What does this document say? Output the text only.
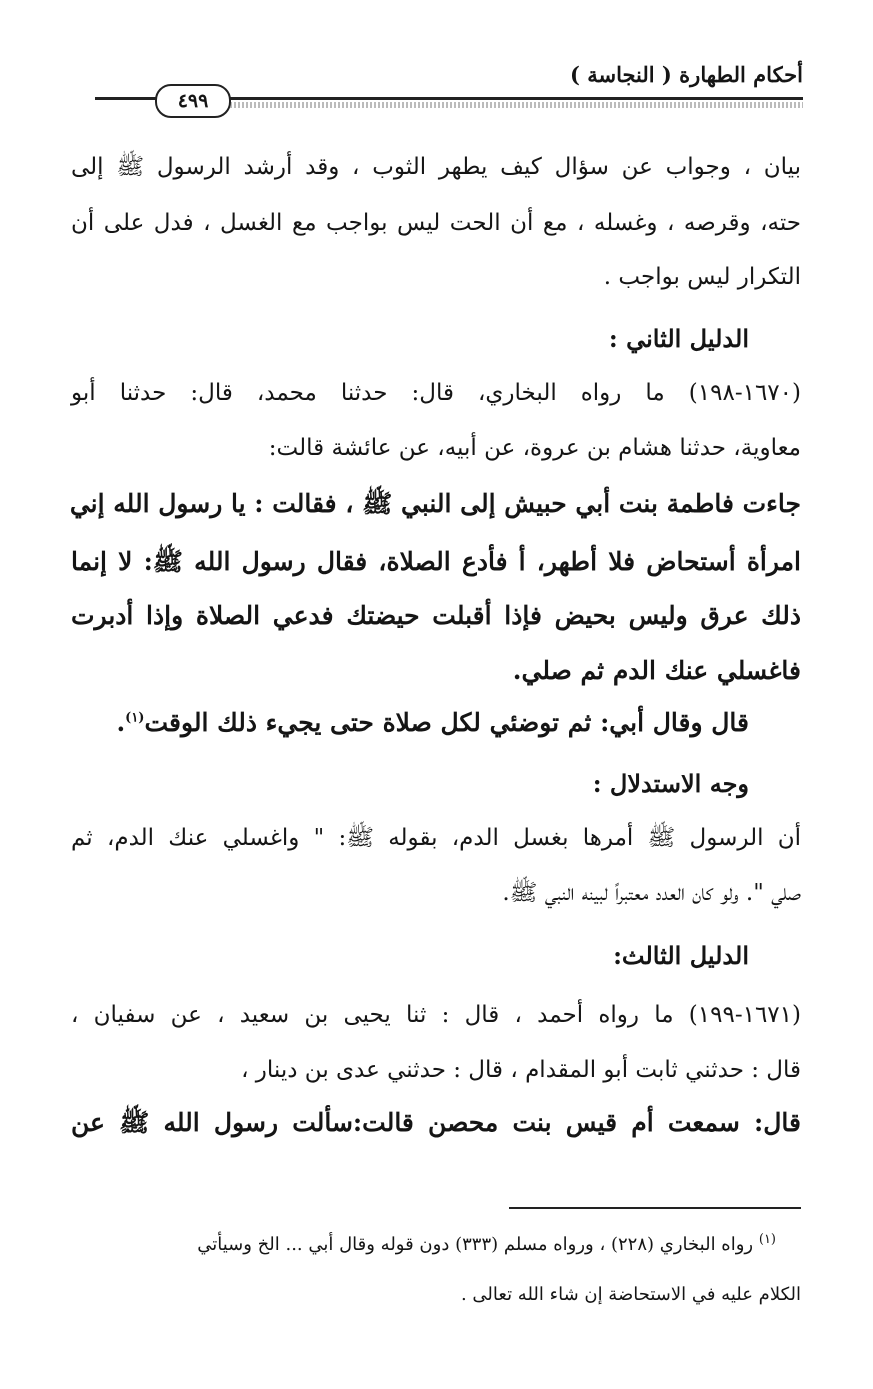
أحكام الطهارة ( النجاسة )
٤٩٩
بيان ، وجواب عن سؤال كيف يطهر الثوب ، وقد أرشد الرسول ﷺ إلى
حته، وقرصه ، وغسله ، مع أن الحت ليس بواجب مع الغسل ، فدل على أن
التكرار ليس بواجب .
الدليل الثاني :
(١٦٧٠-١٩٨) ما رواه البخاري، قال: حدثنا محمد، قال: حدثنا أبو
معاوية، حدثنا هشام بن عروة، عن أبيه، عن عائشة قالت:
جاءت فاطمة بنت أبي حبيش إلى النبي ﷺ ، فقالت : يا رسول الله إني
امرأة أستحاض فلا أطهر، أ فأدع الصلاة، فقال رسول الله ﷺ: لا إنما
ذلك عرق وليس بحيض فإذا أقبلت حيضتك فدعي الصلاة وإذا أدبرت
فاغسلي عنك الدم ثم صلي.
قال وقال أبي: ثم توضئي لكل صلاة حتى يجيء ذلك الوقت$^{(١)}$.
وجه الاستدلال :
أن الرسول ﷺ أمرها بغسل الدم، بقوله ﷺ: " واغسلي عنك الدم، ثم
صلي ". ولو كان العدد معتبراً لبينه النبي ﷺ.
الدليل الثالث:
(١٦٧١-١٩٩) ما رواه أحمد ، قال : ثنا يحيى بن سعيد ، عن سفيان ،
قال : حدثني ثابت أبو المقدام ، قال : حدثني عدى بن دينار ،
قال: سمعت أم قيس بنت محصن قالت:سألت رسول الله ﷺ عن
$^{(١)}$ رواه البخاري (٢٢٨) ، ورواه مسلم (٣٣٣) دون قوله وقال أبي ... الخ وسيأتي
الكلام عليه في الاستحاضة إن شاء الله تعالى .
